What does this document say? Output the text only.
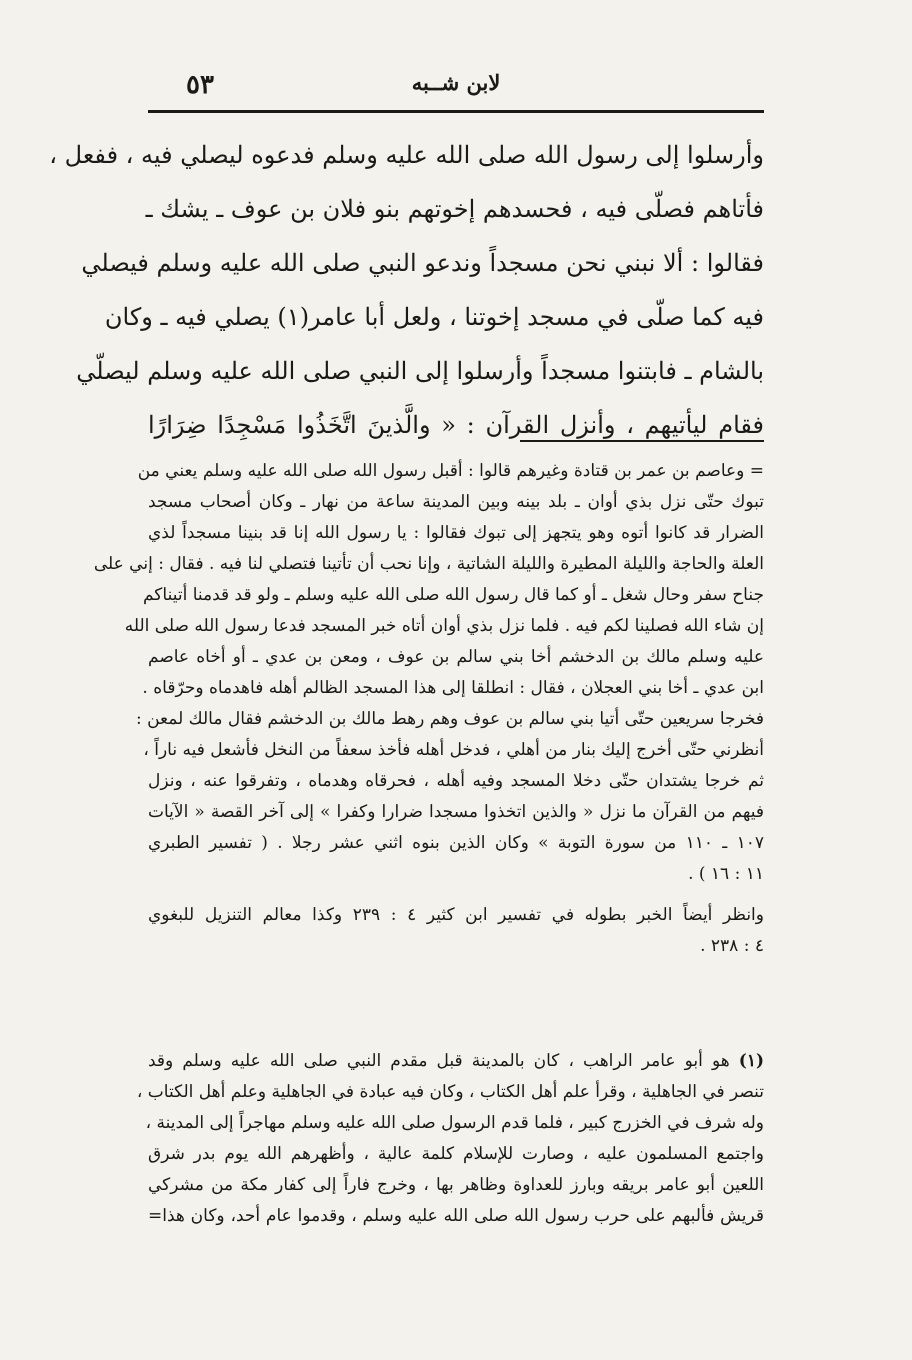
لابن شــبه
٥٣
وأرسلوا إلى رسول الله صلى الله عليه وسلم فدعوه ليصلي فيه ، ففعل ،
فأتاهم فصلّى فيه ، فحسدهم إخوتهم بنو فلان بن عوف ـ يشك ـ
فقالوا : ألا نبني نحن مسجداً وندعو النبي صلى الله عليه وسلم فيصلي
فيه كما صلّى في مسجد إخوتنا ، ولعل أبا عامر(١) يصلي فيه ـ وكان
بالشام ـ فابتنوا مسجداً وأرسلوا إلى النبي صلى الله عليه وسلم ليصلّي
فقام ليأتيهم ، وأنزل القرآن : « والَّذينَ اتَّخَذُوا مَسْجِدًا ضِرَارًا
= وعاصم بن عمر بن قتادة وغيرهم قالوا : أقبل رسول الله صلى الله عليه وسلم يعني من
تبوك حتّى نزل بذي أوان ـ بلد بينه وبين المدينة ساعة من نهار ـ وكان أصحاب مسجد
الضرار قد كانوا أتوه وهو يتجهز إلى تبوك فقالوا : يا رسول الله إنا قد بنينا مسجداً لذي
العلة والحاجة والليلة المطيرة والليلة الشاتية ، وإنا نحب أن تأتينا فتصلي لنا فيه . فقال : إني على
جناح سفر وحال شغل ـ أو كما قال رسول الله صلى الله عليه وسلم ـ ولو قد قدمنا أتيناكم
إن شاء الله فصلينا لكم فيه . فلما نزل بذي أوان أتاه خبر المسجد فدعا رسول الله صلى الله
عليه وسلم مالك بن الدخشم أخا بني سالم بن عوف ، ومعن بن عدي ـ أو أخاه عاصم
ابن عدي ـ أخا بني العجلان ، فقال : انطلقا إلى هذا المسجد الظالم أهله فاهدماه وحرّقاه .
فخرجا سريعين حتّى أتيا بني سالم بن عوف وهم رهط مالك بن الدخشم فقال مالك لمعن :
أنظرني حتّى أخرج إليك بنار من أهلي ، فدخل أهله فأخذ سعفاً من النخل فأشعل فيه ناراً ،
ثم خرجا يشتدان حتّى دخلا المسجد وفيه أهله ، فحرقاه وهدماه ، وتفرقوا عنه ، ونزل
فيهم من القرآن ما نزل « والذين اتخذوا مسجدا ضرارا وكفرا » إلى آخر القصة « الآيات
١٠٧ ـ ١١٠ من سورة التوبة » وكان الذين بنوه اثني عشر رجلا . ( تفسير الطبري
١١ : ١٦ ) .
وانظر أيضاً الخبر بطوله في تفسير ابن كثير ٤ : ٢٣٩ وكذا معالم التنزيل للبغوي
٤ : ٢٣٨ .
(١) هو أبو عامر الراهب ، كان بالمدينة قبل مقدم النبي صلى الله عليه وسلم وقد
تنصر في الجاهلية ، وقرأ علم أهل الكتاب ، وكان فيه عبادة في الجاهلية وعلم أهل الكتاب ،
وله شرف في الخزرج كبير ، فلما قدم الرسول صلى الله عليه وسلم مهاجراً إلى المدينة ،
واجتمع المسلمون عليه ، وصارت للإسلام كلمة عالية ، وأظهرهم الله يوم بدر شرق
اللعين أبو عامر بريقه وبارز للعداوة وظاهر بها ، وخرج فاراً إلى كفار مكة من مشركي
قريش فألبهم على حرب رسول الله صلى الله عليه وسلم ، وقدموا عام أحد، وكان هذا=
